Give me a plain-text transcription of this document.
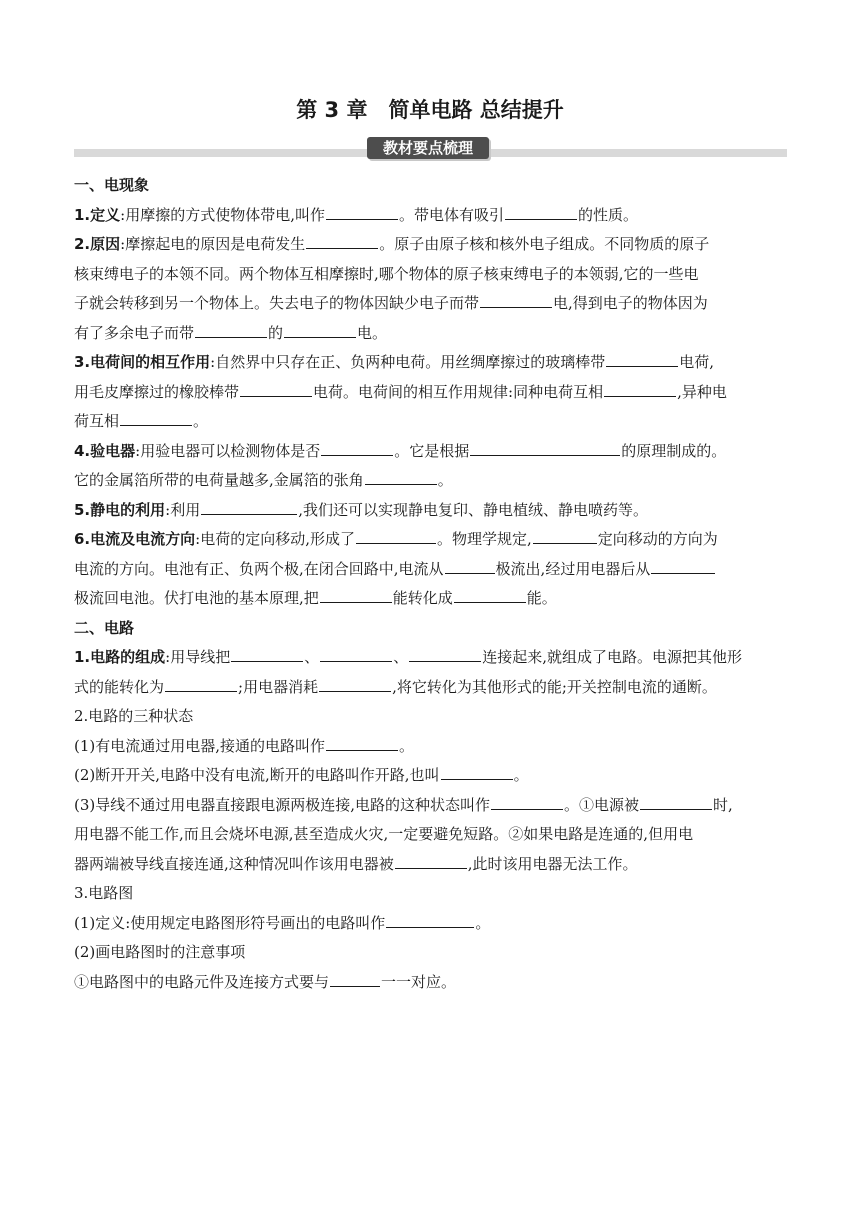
第 3 章　简单电路 总结提升
教材要点梳理
一、电现象
1.定义:用摩擦的方式使物体带电,叫作	。带电体有吸引	的性质。
2.原因:摩擦起电的原因是电荷发生	。原子由原子核和核外电子组成。不同物质的原子
核束缚电子的本领不同。两个物体互相摩擦时,哪个物体的原子核束缚电子的本领弱,它的一些电
子就会转移到另一个物体上。失去电子的物体因缺少电子而带	电,得到电子的物体因为
有了多余电子而带	的	电。
3.电荷间的相互作用:自然界中只存在正、负两种电荷。用丝绸摩擦过的玻璃棒带	电荷,
用毛皮摩擦过的橡胶棒带	电荷。电荷间的相互作用规律:同种电荷互相	,异种电
荷互相	。
4.验电器:用验电器可以检测物体是否	。它是根据	的原理制成的。
它的金属箔所带的电荷量越多,金属箔的张角	。
5.静电的利用:利用	,我们还可以实现静电复印、静电植绒、静电喷药等。
6.电流及电流方向:电荷的定向移动,形成了	。物理学规定,	定向移动的方向为
电流的方向。电池有正、负两个极,在闭合回路中,电流从	极流出,经过用电器后从
极流回电池。伏打电池的基本原理,把	能转化成	能。
二、电路
1.电路的组成:用导线把	、	、	连接起来,就组成了电路。电源把其他形
式的能转化为	;用电器消耗	,将它转化为其他形式的能;开关控制电流的通断。
2.电路的三种状态
(1)有电流通过用电器,接通的电路叫作	。
(2)断开开关,电路中没有电流,断开的电路叫作开路,也叫	。
(3)导线不通过用电器直接跟电源两极连接,电路的这种状态叫作	。①电源被	时,
用电器不能工作,而且会烧坏电源,甚至造成火灾,一定要避免短路。②如果电路是连通的,但用电
器两端被导线直接连通,这种情况叫作该用电器被	,此时该用电器无法工作。
3.电路图
(1)定义:使用规定电路图形符号画出的电路叫作	。
(2)画电路图时的注意事项
①电路图中的电路元件及连接方式要与	一一对应。
